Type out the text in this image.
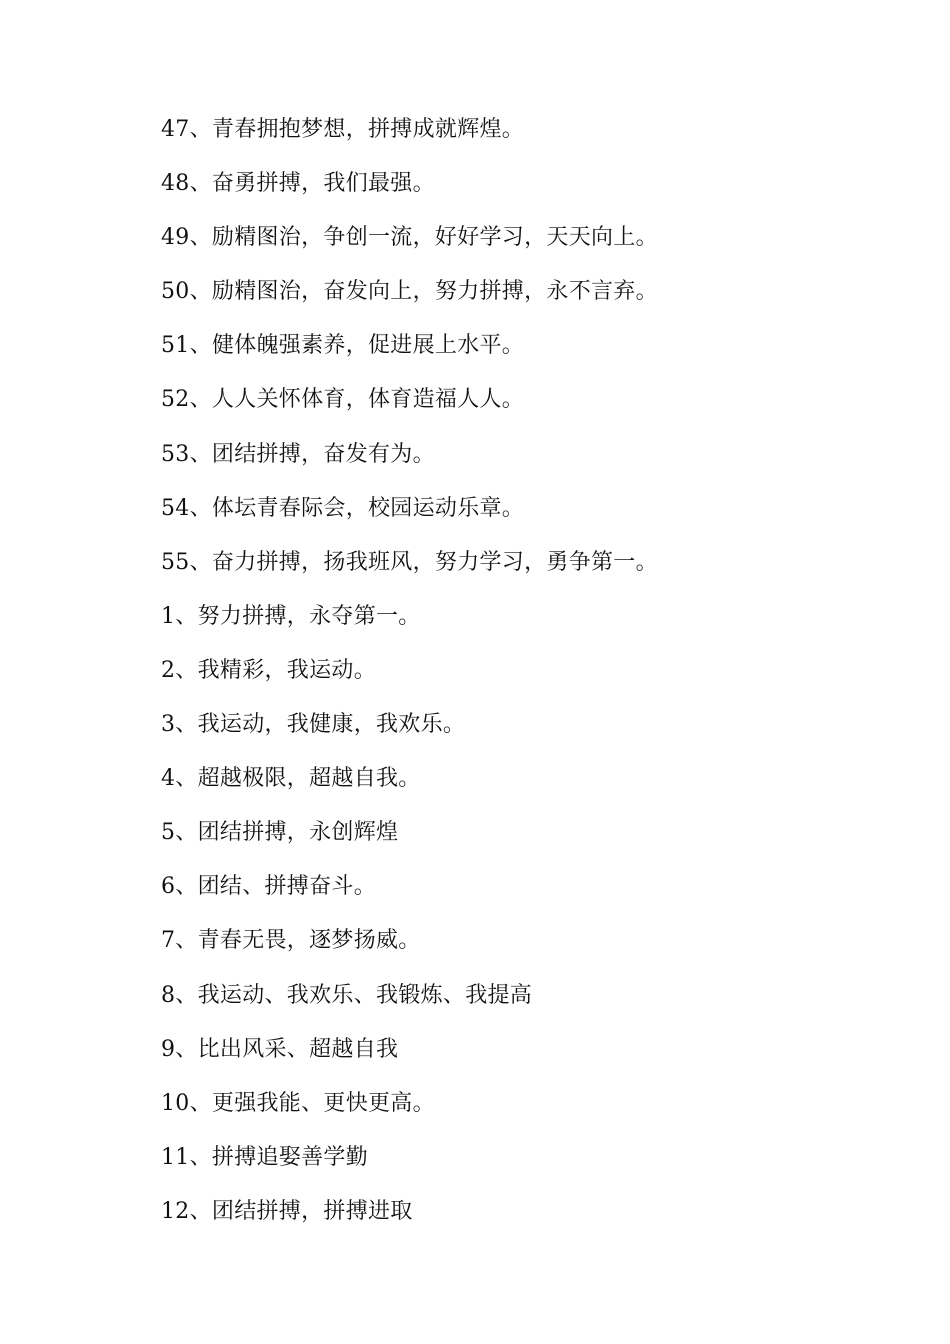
47、青春拥抱梦想，拼搏成就辉煌。
48、奋勇拼搏，我们最强。
49、励精图治，争创一流，好好学习，天天向上。
50、励精图治，奋发向上，努力拼搏，永不言弃。
51、健体魄强素养，促进展上水平。
52、人人关怀体育，体育造福人人。
53、团结拼搏，奋发有为。
54、体坛青春际会，校园运动乐章。
55、奋力拼搏，扬我班风，努力学习，勇争第一。
1、努力拼搏，永夺第一。
2、我精彩，我运动。
3、我运动，我健康，我欢乐。
4、超越极限，超越自我。
5、团结拼搏，永创辉煌
6、团结、拼搏奋斗。
7、青春无畏，逐梦扬威。
8、我运动、我欢乐、我锻炼、我提高
9、比出风采、超越自我
10、更强我能、更快更高。
11、拼搏追娶善学勤
12、团结拼搏，拼搏进取
